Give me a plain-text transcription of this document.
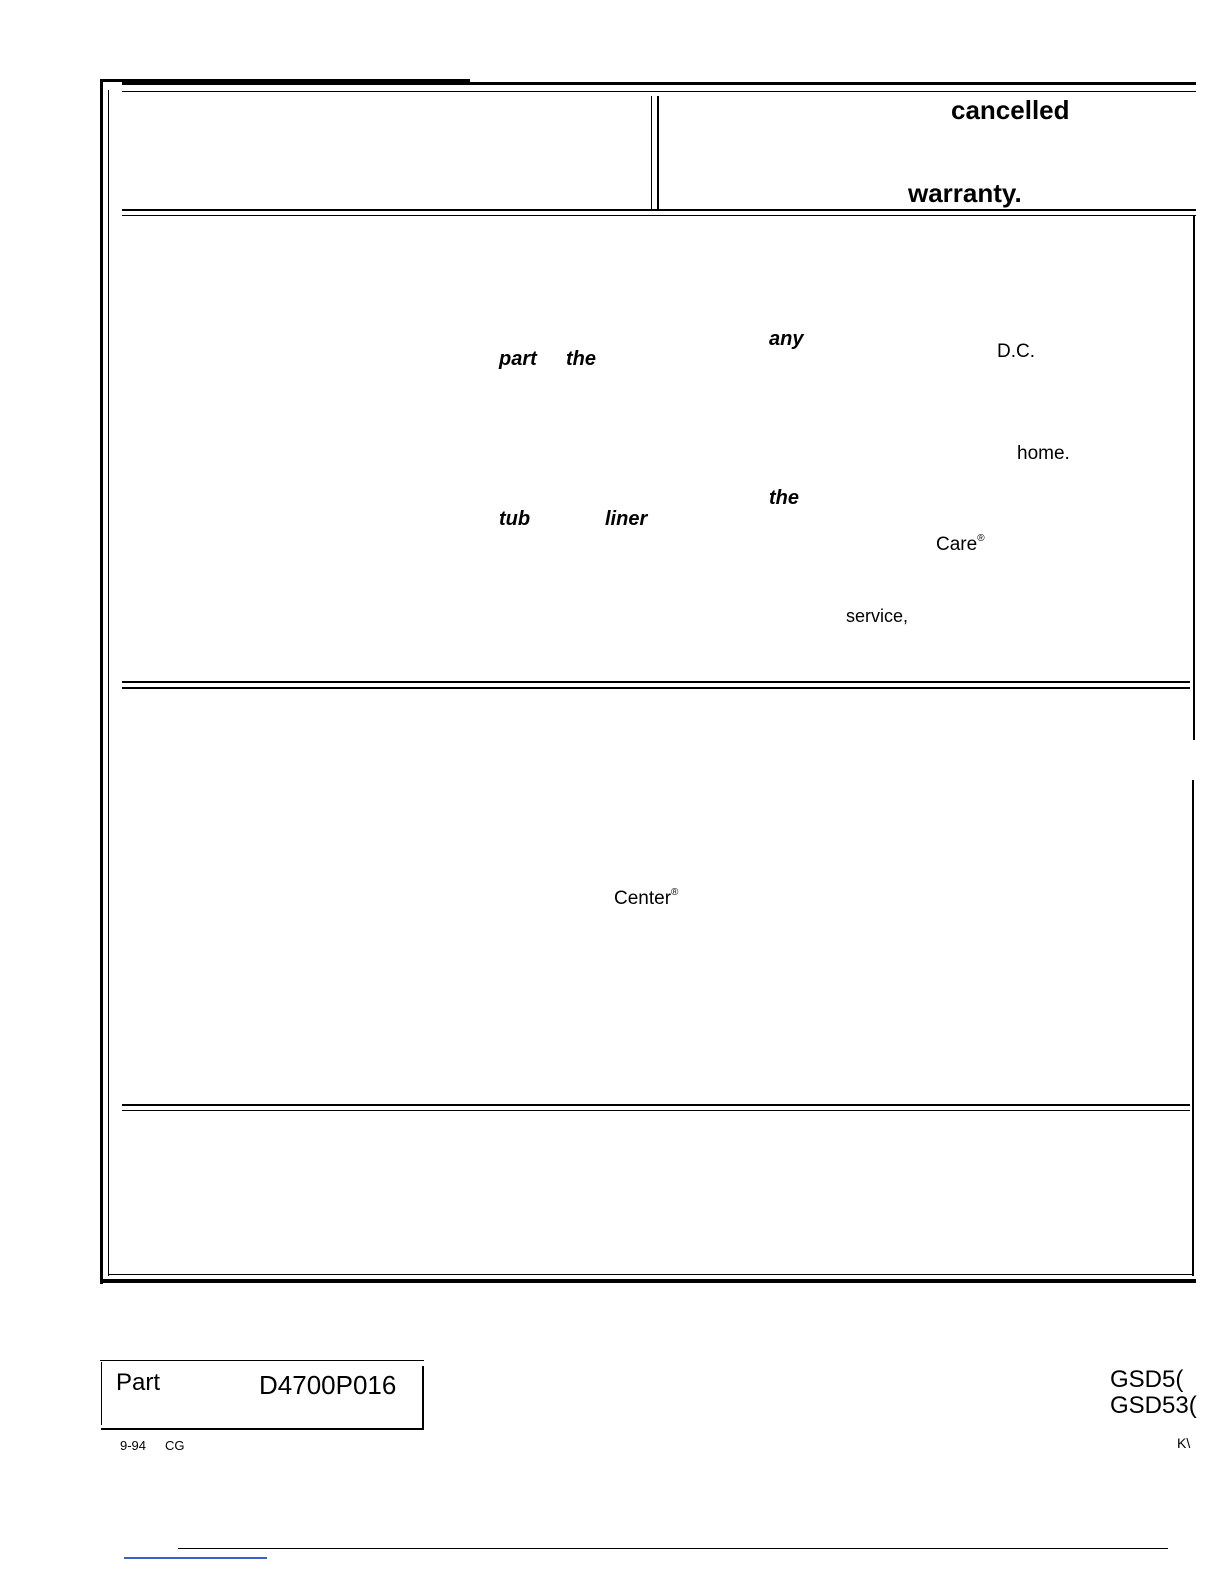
cancelled
warranty.
any
D.C.
part the
home.
the
tub	liner
Care®
service,
Center®
Part	D4700P016
9-94 CG
GSD5(
GSD53(
K\
